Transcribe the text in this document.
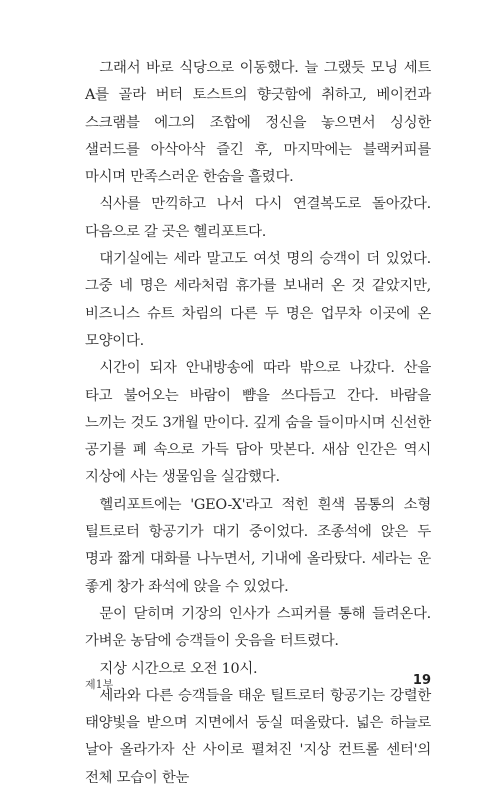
그래서 바로 식당으로 이동했다. 늘 그랬듯 모닝 세트 A를 골라 버터 토스트의 향긋함에 취하고, 베이컨과 스크램블 에그의 조합에 정신을 놓으면서 싱싱한 샐러드를 아삭아삭 즐긴 후, 마지막에는 블랙커피를 마시며 만족스러운 한숨을 흘렸다.

식사를 만끽하고 나서 다시 연결복도로 돌아갔다. 다음으로 갈 곳은 헬리포트다.

대기실에는 세라 말고도 여섯 명의 승객이 더 있었다. 그중 네 명은 세라처럼 휴가를 보내러 온 것 같았지만, 비즈니스 슈트 차림의 다른 두 명은 업무차 이곳에 온 모양이다.

시간이 되자 안내방송에 따라 밖으로 나갔다. 산을 타고 불어오는 바람이 뺨을 쓰다듬고 간다. 바람을 느끼는 것도 3개월 만이다. 깊게 숨을 들이마시며 신선한 공기를 폐 속으로 가득 담아 맛본다. 새삼 인간은 역시 지상에 사는 생물임을 실감했다.

헬리포트에는 'GEO-X'라고 적힌 흰색 몸통의 소형 틸트로터 항공기가 대기 중이었다. 조종석에 앉은 두 명과 짧게 대화를 나누면서, 기내에 올라탔다. 세라는 운 좋게 창가 좌석에 앉을 수 있었다.

문이 닫히며 기장의 인사가 스피커를 통해 들려온다. 가벼운 농담에 승객들이 웃음을 터트렸다.

지상 시간으로 오전 10시.

세라와 다른 승객들을 태운 틸트로터 항공기는 강렬한 태양빛을 받으며 지면에서 둥실 떠올랐다. 넓은 하늘로 날아 올라가자 산 사이로 펼쳐진 '지상 컨트롤 센터'의 전체 모습이 한눈

제1부	19
